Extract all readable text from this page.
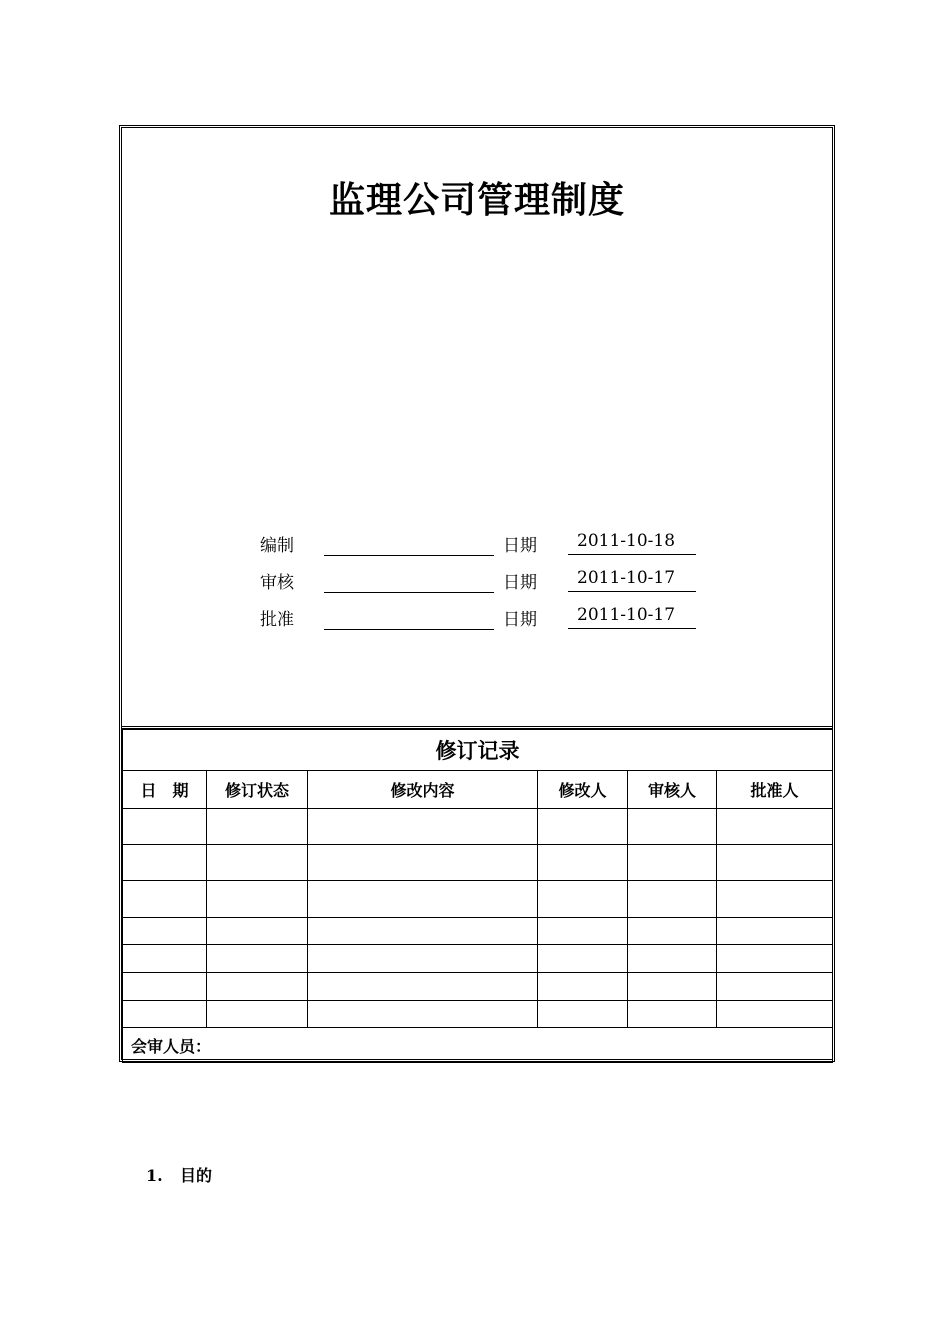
监理公司管理制度
编制	日期	2011-10-18
审核	日期	2011-10-17
批准	日期	2011-10-17
修订记录					
日　期	修订状态	修改内容	修改人	审核人	批准人

会审人员：					
1. 目的
